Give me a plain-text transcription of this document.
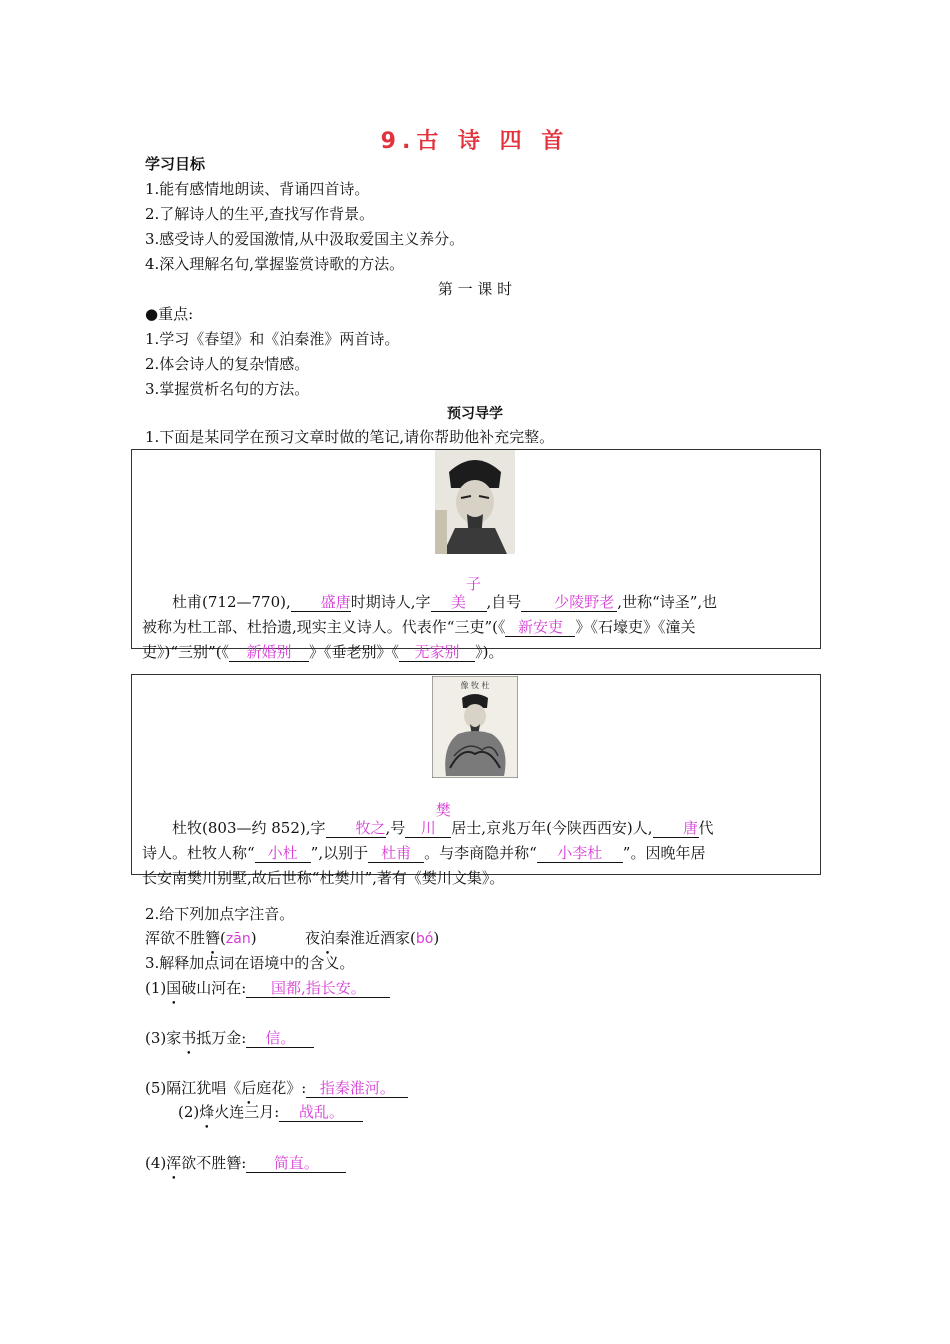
9.古 诗 四 首
学习目标
1.能有感情地朗读、背诵四首诗。
2.了解诗人的生平,查找写作背景。
3.感受诗人的爱国激情,从中汲取爱国主义养分。
4.深入理解名句,掌握鉴赏诗歌的方法。
第 一 课 时
●重点:
1.学习《春望》和《泊秦淮》两首诗。
2.体会诗人的复杂情感。
3.掌握赏析名句的方法。
预习导学
1.下面是某同学在预习文章时做的笔记,请你帮助他补充完整。
杜甫(712—770), 盛唐时期诗人,字子美 ,自号 少陵野老 ,世称“诗圣”,也
被称为杜工部、杜拾遗,现实主义诗人。代表作“三吏”(《 新安吏 》《石壕吏》《潼关
吏》)“三别”(《 新婚别 》《垂老别》《 无家别 》)。
像 牧 杜
杜牧(803—约 852),字 牧之,号樊川 居士,京兆万年(今陕西西安)人, 唐代
诗人。杜牧人称“ 小杜 ”,以别于 杜甫 。与李商隐并称“ 小李杜 ”。因晚年居
长安南樊川别墅,故后世称“杜樊川”,著有《樊川文集》。
2.给下列加点字注音。
浑欲不胜簪(zān)	夜泊秦淮近酒家(bó)
3.解释加点词在语境中的含义。
(1)国破山河在: 国都,指长安。
(3)家书抵万金: 信。
(5)隔江犹唱《后庭花》: 指秦淮河。
(2)烽火连三月: 战乱。
(4)浑欲不胜簪: 简直。
